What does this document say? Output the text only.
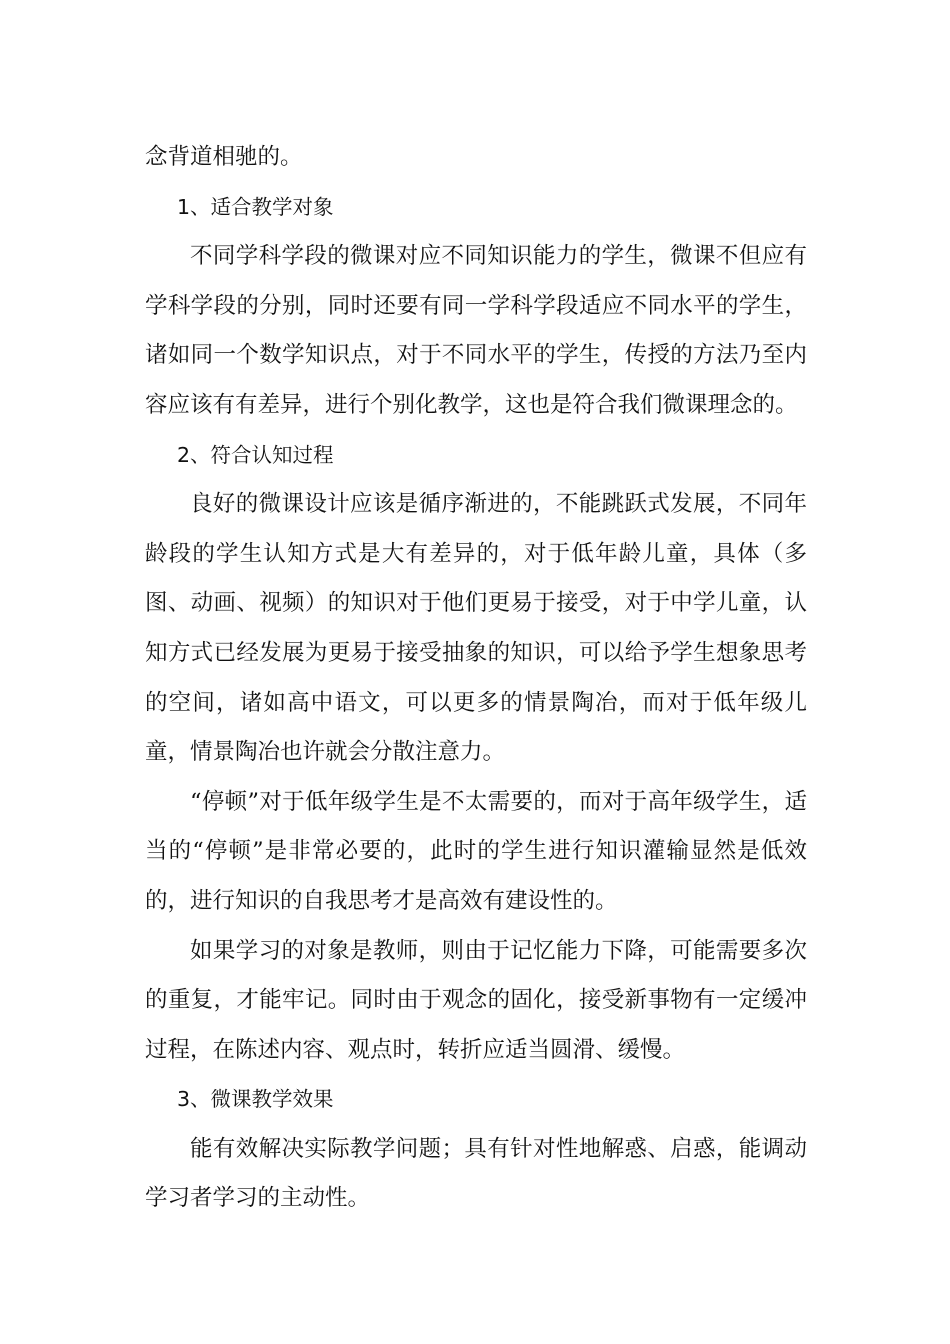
念背道相驰的。

1、适合教学对象

不同学科学段的微课对应不同知识能力的学生，微课不但应有学科学段的分别，同时还要有同一学科学段适应不同水平的学生，诸如同一个数学知识点，对于不同水平的学生，传授的方法乃至内容应该有有差异，进行个别化教学，这也是符合我们微课理念的。

2、符合认知过程

良好的微课设计应该是循序渐进的，不能跳跃式发展，不同年龄段的学生认知方式是大有差异的，对于低年龄儿童，具体（多图、动画、视频）的知识对于他们更易于接受，对于中学儿童，认知方式已经发展为更易于接受抽象的知识，可以给予学生想象思考的空间，诸如高中语文，可以更多的情景陶冶，而对于低年级儿童，情景陶冶也许就会分散注意力。

“停顿”对于低年级学生是不太需要的，而对于高年级学生，适当的“停顿”是非常必要的，此时的学生进行知识灌输显然是低效的，进行知识的自我思考才是高效有建设性的。

如果学习的对象是教师，则由于记忆能力下降，可能需要多次的重复，才能牢记。同时由于观念的固化，接受新事物有一定缓冲过程，在陈述内容、观点时，转折应适当圆滑、缓慢。

3、微课教学效果

能有效解决实际教学问题；具有针对性地解惑、启惑，能调动学习者学习的主动性。
